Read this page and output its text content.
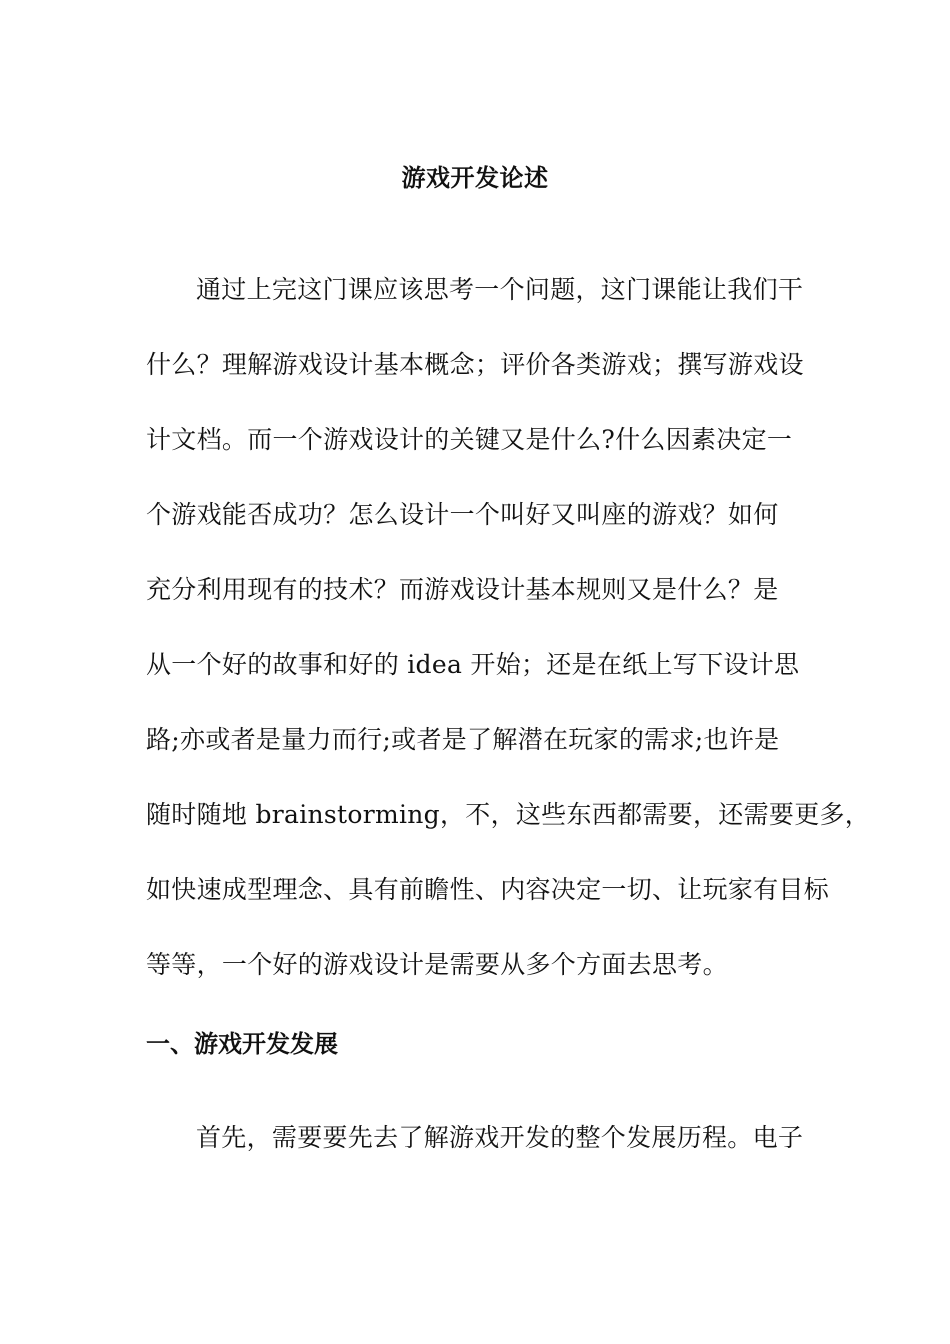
游戏开发论述
通过上完这门课应该思考一个问题，这门课能让我们干
什么？理解游戏设计基本概念；评价各类游戏；撰写游戏设
计文档。而一个游戏设计的关键又是什么?什么因素决定一
个游戏能否成功？怎么设计一个叫好又叫座的游戏？如何
充分利用现有的技术？而游戏设计基本规则又是什么？是
从一个好的故事和好的 idea 开始；还是在纸上写下设计思
路;亦或者是量力而行;或者是了解潜在玩家的需求;也许是
随时随地 brainstorming，不，这些东西都需要，还需要更多，
如快速成型理念、具有前瞻性、内容决定一切、让玩家有目标
等等，一个好的游戏设计是需要从多个方面去思考。
一、游戏开发发展
首先，需要要先去了解游戏开发的整个发展历程。电子
